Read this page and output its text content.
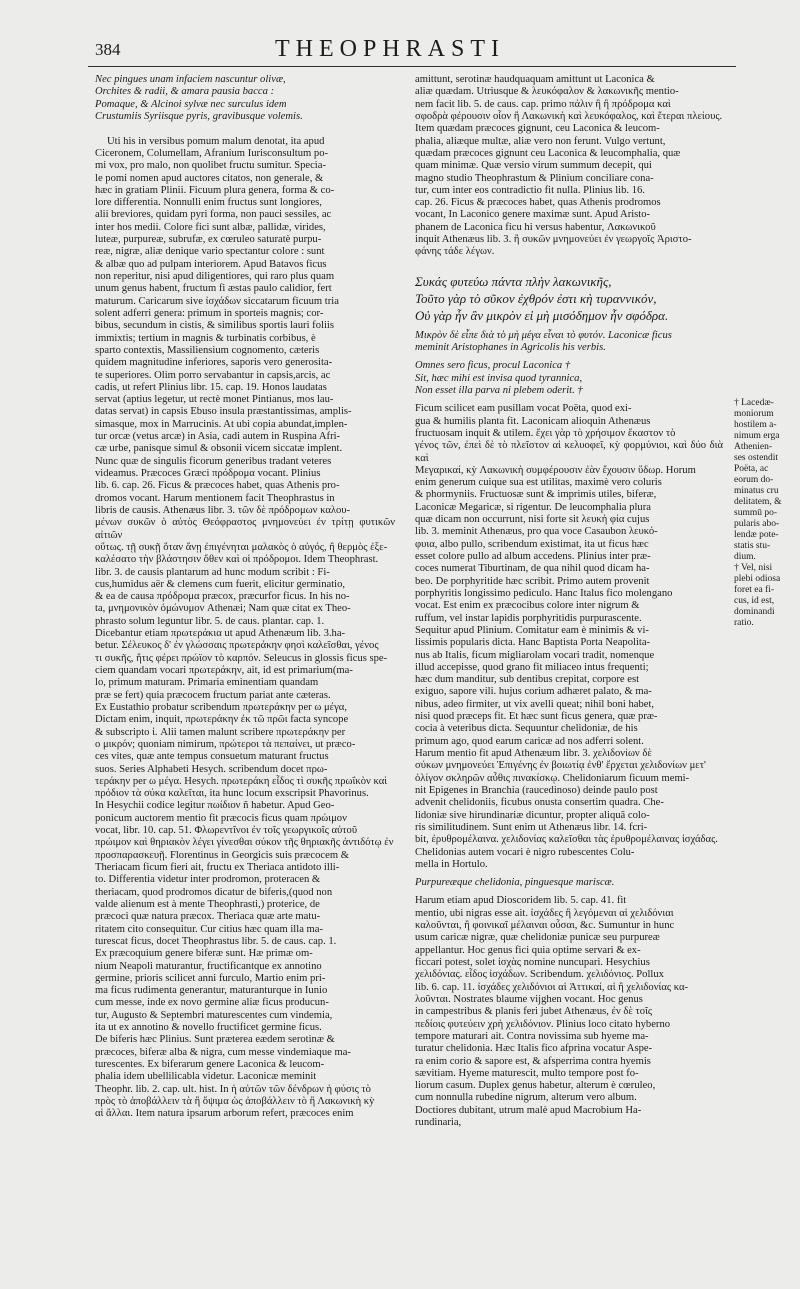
384	THEOPHRASTI

Nec pingues unam infaciem nascuntur olivæ,

Orchites & radii, & amara pausia bacca :

Pomaque, & Alcinoi sylvæ nec surculus idem

Crustumiis Syriisque pyris, gravibusque volemis.

Uti his in versibus pomum malum denotat, ita apud

Ciceronem, Columellam, Afranium Iurisconsultum po-

mi vox, pro malo, non quolibet fructu sumitur. Specia-

le pomi nomen apud auctores citatos, non generale, &

hæc in gratiam Plinii. Ficuum plura genera, forma & co-

lore differentia. Nonnulli enim fructus sunt longiores,

alii breviores, quidam pyri forma, non pauci sessiles, ac

inter hos medii. Colore fici sunt albæ, pallidæ, virides,

luteæ, purpureæ, subrufæ, ex cœruleo saturatè purpu-

reæ, nigræ, aliæ denique vario spectantur colore : sunt

& albæ quo ad pulpam interiorem. Apud Batavos ficus

non reperitur, nisi apud diligentiores, qui raro plus quam

unum genus habent, fructum fi æstas paulo calidior, fert

maturum. Caricarum sive ἰσχάδων siccatarum ficuum tria

solent adferri genera: primum in sporteis magnis; cor-

bibus, secundum in cistis, & similibus sportis lauri foliis

immixtis; tertium in magnis & turbinatis corbibus, è

sparto contextis, Massiliensium cognomento, cæteris

quidem magnitudine inferiores, saporis vero generosita-

te superiores. Olim porro servabantur in capsis,arcis, ac

cadis, ut refert Plinius libr. 15. cap. 19. Honos laudatas

servat (aptius legetur, ut rectè monet Pintianus, mos lau-

datas servat) in capsis Ebuso insula præstantissimas, amplis-

simasque, mox in Marrucinis. At ubi copia abundat,implen-

tur orcæ (vetus arcæ) in Asia, cadi autem in Ruspina Afri-

cæ urbe, panisque simul & obsonii vicem siccatæ implent.

Nunc quæ de singulis ficorum generibus tradant veteres

videamus. Præcoces Græci πρόδρομα vocant. Plinius

lib. 6. cap. 26. Ficus & præcoces habet, quas Athenis pro-

dromos vocant. Harum mentionem facit Theophrastus in

libris de causis. Athenæus libr. 3. τῶν δὲ πρόδρομων καλου-

μένων συκῶν ὁ αὐτὸς Θεόφραστος μνημονεύει ἐν τρίτῃ φυτικῶν αἰτιῶν

οὕτως. τῇ συκῇ ὅταν ἄνῃ ἐπιγένηται μαλακὸς ὁ αὐγός, ἢ θερμὸς ἐξε-

καλέσατο τὴν βλάστησιν ὅθεν καὶ οἱ πρόδρομοι. Idem Theophrast.

libr. 3. de causis plantarum ad hunc modum scribit : Fi-

cus,humidus aër & clemens cum fuerit, elicitur germinatio,

& ea de causa πρόδρομα præcox, præcurfor ficus. In his no-

ta, μνημονικὸν ὁμώνυμον Athenæi; Nam quæ citat ex Theo-

phrasto solum leguntur libr. 5. de caus. plantar. cap. 1.

Dicebantur etiam πρωτεράκια ut apud Athenæum lib. 3.ha-

betur. Σέλευκος δ' ἐν γλώσσαις πρωτεράκην φησὶ καλεῖσθαι, γένος

τι συκῆς, ἥτις φέρει πρώϊον τὸ καρπόν. Seleucus in glossis ficus spe-

ciem quandam vocari πρωτεράκην, ait, id est primarium(ma-

lo, primum maturam. Primaria eminentiam quandam

præ se fert) quia præcocem fructum pariat ante cæteras.

Ex Eustathio probatur scribendum πρωτεράκην per ω μέγα,

Dictam enim, inquit, πρωτεράκην ἐκ τῶ πρῶι facta syncope

& subscripto ἰ. Alii tamen malunt scribere πρωτεράκην per

ο μικρόν; quoniam nimirum, πρώτεροι τὰ πεπαίνει, ut præco-

ces vites, quæ ante tempus consuetum maturant fructus

suos. Series Alphabeti Hesych. scribendum docet πρω-

τεράκην per ω μέγα. Hesych. πρωτεράκη εἶδος τὶ συκῆς πρωΐκὸν καὶ

πρόδιον τὰ σύκα καλεῖται, ita hunc locum exscripsit Phavorinus.

In Hesychii codice legitur πωίδιον ñ habetur. Apud Geo-

ponicum auctorem mentio fit præcocis ficus quam πρώιμον

vocat, libr. 10. cap. 51. Φλωρεντῖνοι ἐν τοῖς γεωργικοῖς αὐτοῦ

πρώιμον καὶ θηριακὸν λέγει γίνεσθαι σύκον τῆς θηριακῆς ἀντιδότῳ ἐν

προσπαρασκευῇ. Florentinus in Georgicis suis præcocem &

Theriacam ficum fieri ait, fructu ex Theriaca antidoto illi-

to. Differentia videtur inter prodromon, proteracen &

theriacam, quod prodromos dicatur de biferis,(quod non

valde alienum est à mente Theophrasti,) proterice, de

præcoci quæ natura præcox. Theriaca quæ arte matu-

ritatem cito consequitur. Cur citius hæc quam illa ma-

turescat ficus, docet Theophrastus libr. 5. de caus. cap. 1.

Ex præcoquium genere biferæ sunt. Hæ primæ om-

nium Neapoli maturantur, fructificantque ex annotino

germine, prioris scilicet anni furculo, Martio enim pri-

ma ficus rudimenta generantur, maturanturque in Iunio

cum messe, inde ex novo germine aliæ ficus producun-

tur, Augusto & Septembri maturescentes cum vindemia,

ita ut ex annotino & novello fructificet germine ficus.

De biferis hæc Plinius. Sunt præterea eædem serotinæ &

præcoces, biferæ alba & nigra, cum messe vindemiaque ma-

turescentes. Ex biferarum genere Laconica & leucom-

phalia idem ubellilicabla videtur. Laconicæ meminit

Theophr. lib. 2. cap. ult. hist. In ἡ αὐτῶν τῶν δένδρων ἡ φύσις τὸ

πρὸς τὸ ἀποβάλλειν τὰ ἢ ὄψιμα ὡς ἀποβάλλειν τὸ ἢ Λακωνικὴ κỳ

αἱ ἄλλαι. Item natura ipsarum arborum refert, præcoces enim

amittunt, serotinæ haudquaquam amittunt ut Laconica &

aliæ quædam. Utriusque & λευκόφαλον & λακωνικῆς mentio-

nem facit lib. 5. de caus. cap. primo πάλιν ἢ ἢ πρόδρομα καὶ

σφοδρὰ φέρουσιν οἷον ἢ Λακωνικὴ καὶ λευκόφαλος, καὶ ἕτεραι πλείους.

Item quædam præcoces gignunt, ceu Laconica & leucom-

phalia, aliæque multæ, aliæ vero non ferunt. Vulgo vertunt,

quædam præcoces gignunt ceu Laconica & leucomphalia, quæ

quam minimæ. Quæ versio virum summum decepit, qui

magno studio Theophrastum & Plinium conciliare cona-

tur, cum inter eos contradictio fit nulla. Plinius lib. 16.

cap. 26. Ficus & præcoces habet, quas Athenis prodromos

vocant, In Laconico genere maximæ sunt. Apud Aristo-

phanem de Laconica ficu hi versus habentur, Λακωνικοῦ

inquit Athenæus lib. 3. ἢ συκῶν μνημονεύει ἐν γεωργοῖς Ἀριστο-

φάνης τάδε λέγων.

Συκάς φυτεύω πάντα πλὴν λακωνικῆς,

Τοῦτο γὰρ τὸ σῦκον ἐχθρόν ἐστι κὴ τυραννικόν,

Οὐ γὰρ ἦν ἂν μικρὸν εἰ μὴ μισόδημον ἦν σφόδρα.

Μικρὸν δὲ εἶπε διὰ τὸ μὴ μέγα εἶναι τὸ φυτόν. Laconicæ ficus

meminit Aristophanes in Agricolis his verbis.

Omnes sero ficus, procul Laconica †

Sit, hæc mihi est invisa quod tyrannica,

Non esset illa parva ni plebem oderit. †

Ficum scilicet eam pusillam vocat Poëta, quod exi-

gua & humilis planta fit. Laconicam alioquin Athenæus

fructuosam inquit & utilem. ἔχει γὰρ τὸ χρήσιμον ἕκαστον τὸ

γένος τῶν, ἐπεὶ δὲ τὸ πλεῖστον αἱ κελυοφεῖ, κỳ φορμύνιοι, καὶ δύο διὰ καὶ

Μεγαρικαί, κỳ Λακωνικὴ συμφέρουσιν ἐὰν ἔχουσιν ὕδωρ. Horum

enim generum cuique sua est utilitas, maximè vero coluris

& phormyniis. Fructuosæ sunt & imprimis utiles, biferæ,

Laconicæ Megaricæ, si rigentur. De leucomphalia plura

quæ dicam non occurrunt, nisi forte sit λευκὴ φία cujus

lib. 3. meminit Athenæus, pro qua voce Casaubon λευκό-

φυια, albo pullo, scribendum existimat, ita ut ficus hæc

esset colore pullo ad album accedens. Plinius inter præ-

coces numerat Tiburtinam, de qua nihil quod dicam ha-

beo. De porphyritide hæc scribit. Primo autem provenit

porphyritis longissimo pediculo. Hanc Italus fico molengano

vocat. Est enim ex præcocibus colore inter nigrum &

ruffum, vel instar lapidis porphyritidis purpurascente.

Sequitur apud Plinium. Comitatur eam è minimis & vi-

lissimis popularis dicta. Hanc Baptista Porta Neapolita-

nus ab Italis, ficum migliarolam vocari tradit, nomenque

illud accepisse, quod grano fit miliaceo intus frequenti;

hæc dum manditur, sub dentibus crepitat, corpore est

exiguo, sapore vili. hujus corium adhæret palato, & ma-

nibus, adeo firmiter, ut vix avelli queat; nihil boni habet,

nisi quod præceps fit. Et hæc sunt ficus genera, quæ præ-

cocia à veteribus dicta. Sequuntur chelidoniæ, de his

primum ago, quod earum caricæ ad nos adferri solent.

Harum mentio fit apud Athenæum libr. 3. χελιδονίων δὲ

σύκων μνημονεύει Ἐπιγένης ἐν βοιωτίᾳ ἐνθ' ἔρχεται χελιδονίων μετ'

ὀλίγον σκληρῶν αὖθις πινακίσκῳ. Chelidoniarum ficuum memi-

nit Epigenes in Branchia (raucedinoso) deinde paulo post

advenit chelidoniis, ficubus onusta consertim quadra. Che-

lidoniæ sive hirundinariæ dicuntur, propter aliquã colo-

ris similitudinem. Sunt enim ut Athenæus libr. 14. fcri-

bit, ἐρυθρομέλαινα. χελιδονίας καλεῖσθαι τὰς ἐρυθρομέλαινας ἰσχάδας.

Chelidonias autem vocari è nigro rubescentes Colu-

mella in Hortulo.

Purpureæque chelidonia, pinguesque mariscæ.

Harum etiam apud Dioscoridem lib. 5. cap. 41. fit

mentio, ubi nigras esse ait. ἰσχάδες ἢ λεγόμεναι αἱ χελιδόνιαι

καλοῦνται, ἢ φοινικαῖ μέλαιναι οὖσαι, &c. Sumuntur in hunc

usum caricæ nigræ, quæ chelidoniæ punicæ seu purpureæ

appellantur. Hoc genus fici quia optime servari & ex-

ficcari potest, solet ἰσχὰς nomine nuncupari. Hesychius

χελιδόνιας. εἶδος ἰσχάδων. Scribendum. χελιδόνιος. Pollux

lib. 6. cap. 11. ἰσχάδες χελιδόνιοι αἱ Ἀττικαί, αἱ ἢ χελιδονίας κα-

λοῦνται. Nostrates blaume vijghen vocant. Hoc genus

in campestribus & planis feri jubet Athenæus, ἐν δὲ τοῖς

πεδίοις φυτεύειν χρὴ χελιδόνιον. Plinius loco citato hyberno

tempore maturari ait. Contra novissima sub hyeme ma-

turatur chelidonia. Hæc Italis fico afprina vocatur Aspe-

ra enim corio & sapore est, & afsperrima contra hyemis

sævitiam. Hyeme maturescit, multo tempore post fo-

liorum casum. Duplex genus habetur, alterum è cœruleo,

cum nonnulla rubedine nigrum, alterum vero album.

Doctiores dubitant, utrum malè apud Macrobium Ha-

rundinaria,

† Lacedæ-
moniorum
hostilem a-
nimum erga
Athenien-
ses ostendit
Poëta, ac
eorum do-
minatus cru
delitatem, &
summū po-
pularis abo-
lendæ pote-
statis stu-
dium.
† Vel, nisi
plebi odiosa
foret ea fi-
cus, id est,
dominandi
ratio.
